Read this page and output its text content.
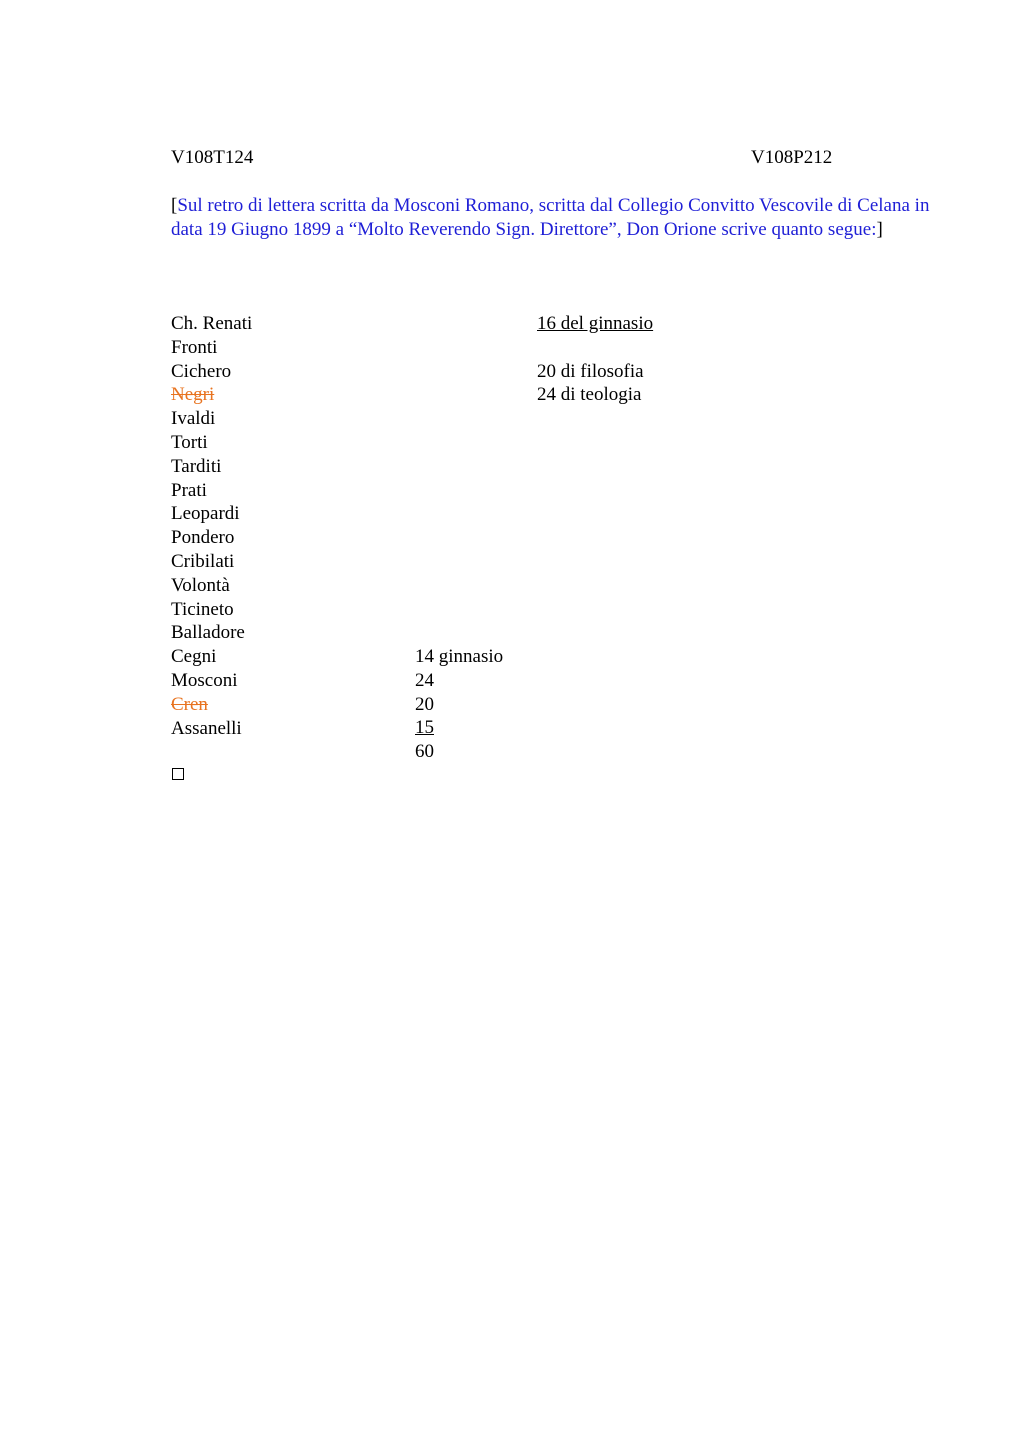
V108T124	V108P212
[Sul retro di lettera scritta da Mosconi Romano, scritta dal Collegio Convitto Vescovile di Celana in data 19 Giugno 1899 a “Molto Reverendo Sign. Direttore”, Don Orione scrive quanto segue:]
Ch. Renati
Fronti
Cichero
Negri
Ivaldi
Torti
Tarditi
Prati
Leopardi
Pondero
Cribilati
Volontà
Ticineto
Balladore
Cegni
Mosconi
Cren
Assanelli
14 ginnasio
24
20
15
60
16 del ginnasio
20 di filosofia
24 di teologia
